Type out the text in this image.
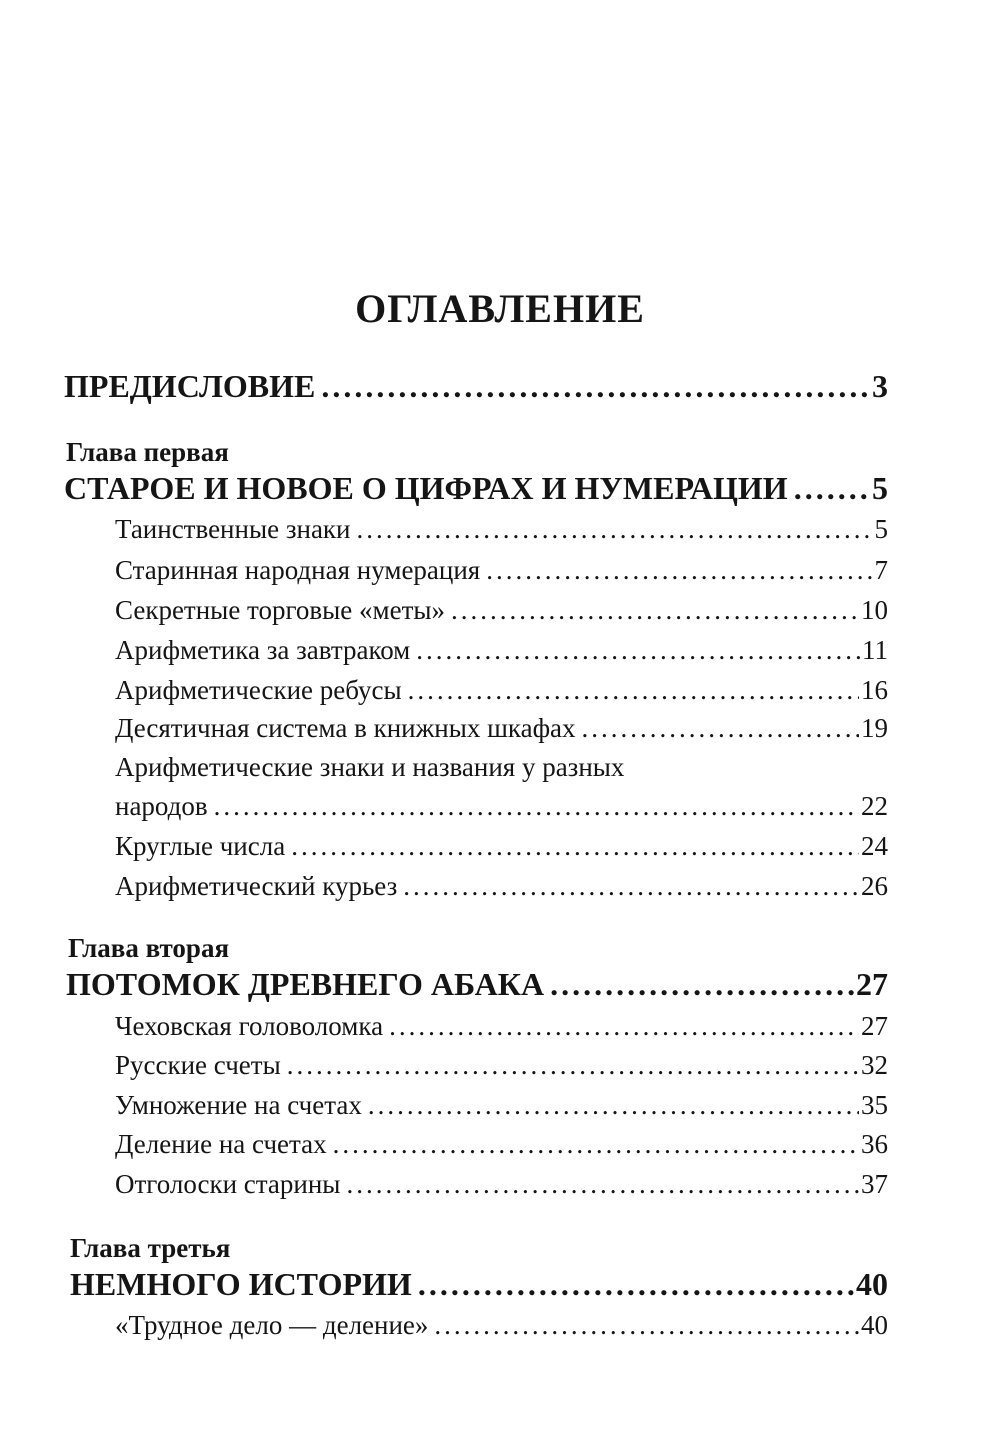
ОГЛАВЛЕНИЕ
ПРЕДИСЛОВИЕ .....	3

Глава первая

СТАРОЕ И НОВОЕ О ЦИФРАХ И НУМЕРАЦИИ .....	5
Таинственные знаки .....	5
Старинная народная нумерация .....	7
Секретные торговые «меты» .....	10
Арифметика за завтраком .....	11
Арифметические ребусы .....	16
Десятичная система в книжных шкафах .....	19
Арифметические знаки и названия у разных
народов .....	22
Круглые числа .....	24
Арифметический курьез .....	26

Глава вторая

ПОТОМОК ДРЕВНЕГО АБАКА .....	27
Чеховская головоломка .....	27
Русские счеты .....	32
Умножение на счетах .....	35
Деление на счетах .....	36
Отголоски старины .....	37

Глава третья

НЕМНОГО ИСТОРИИ .....	40
«Трудное дело — деление» .....	40
